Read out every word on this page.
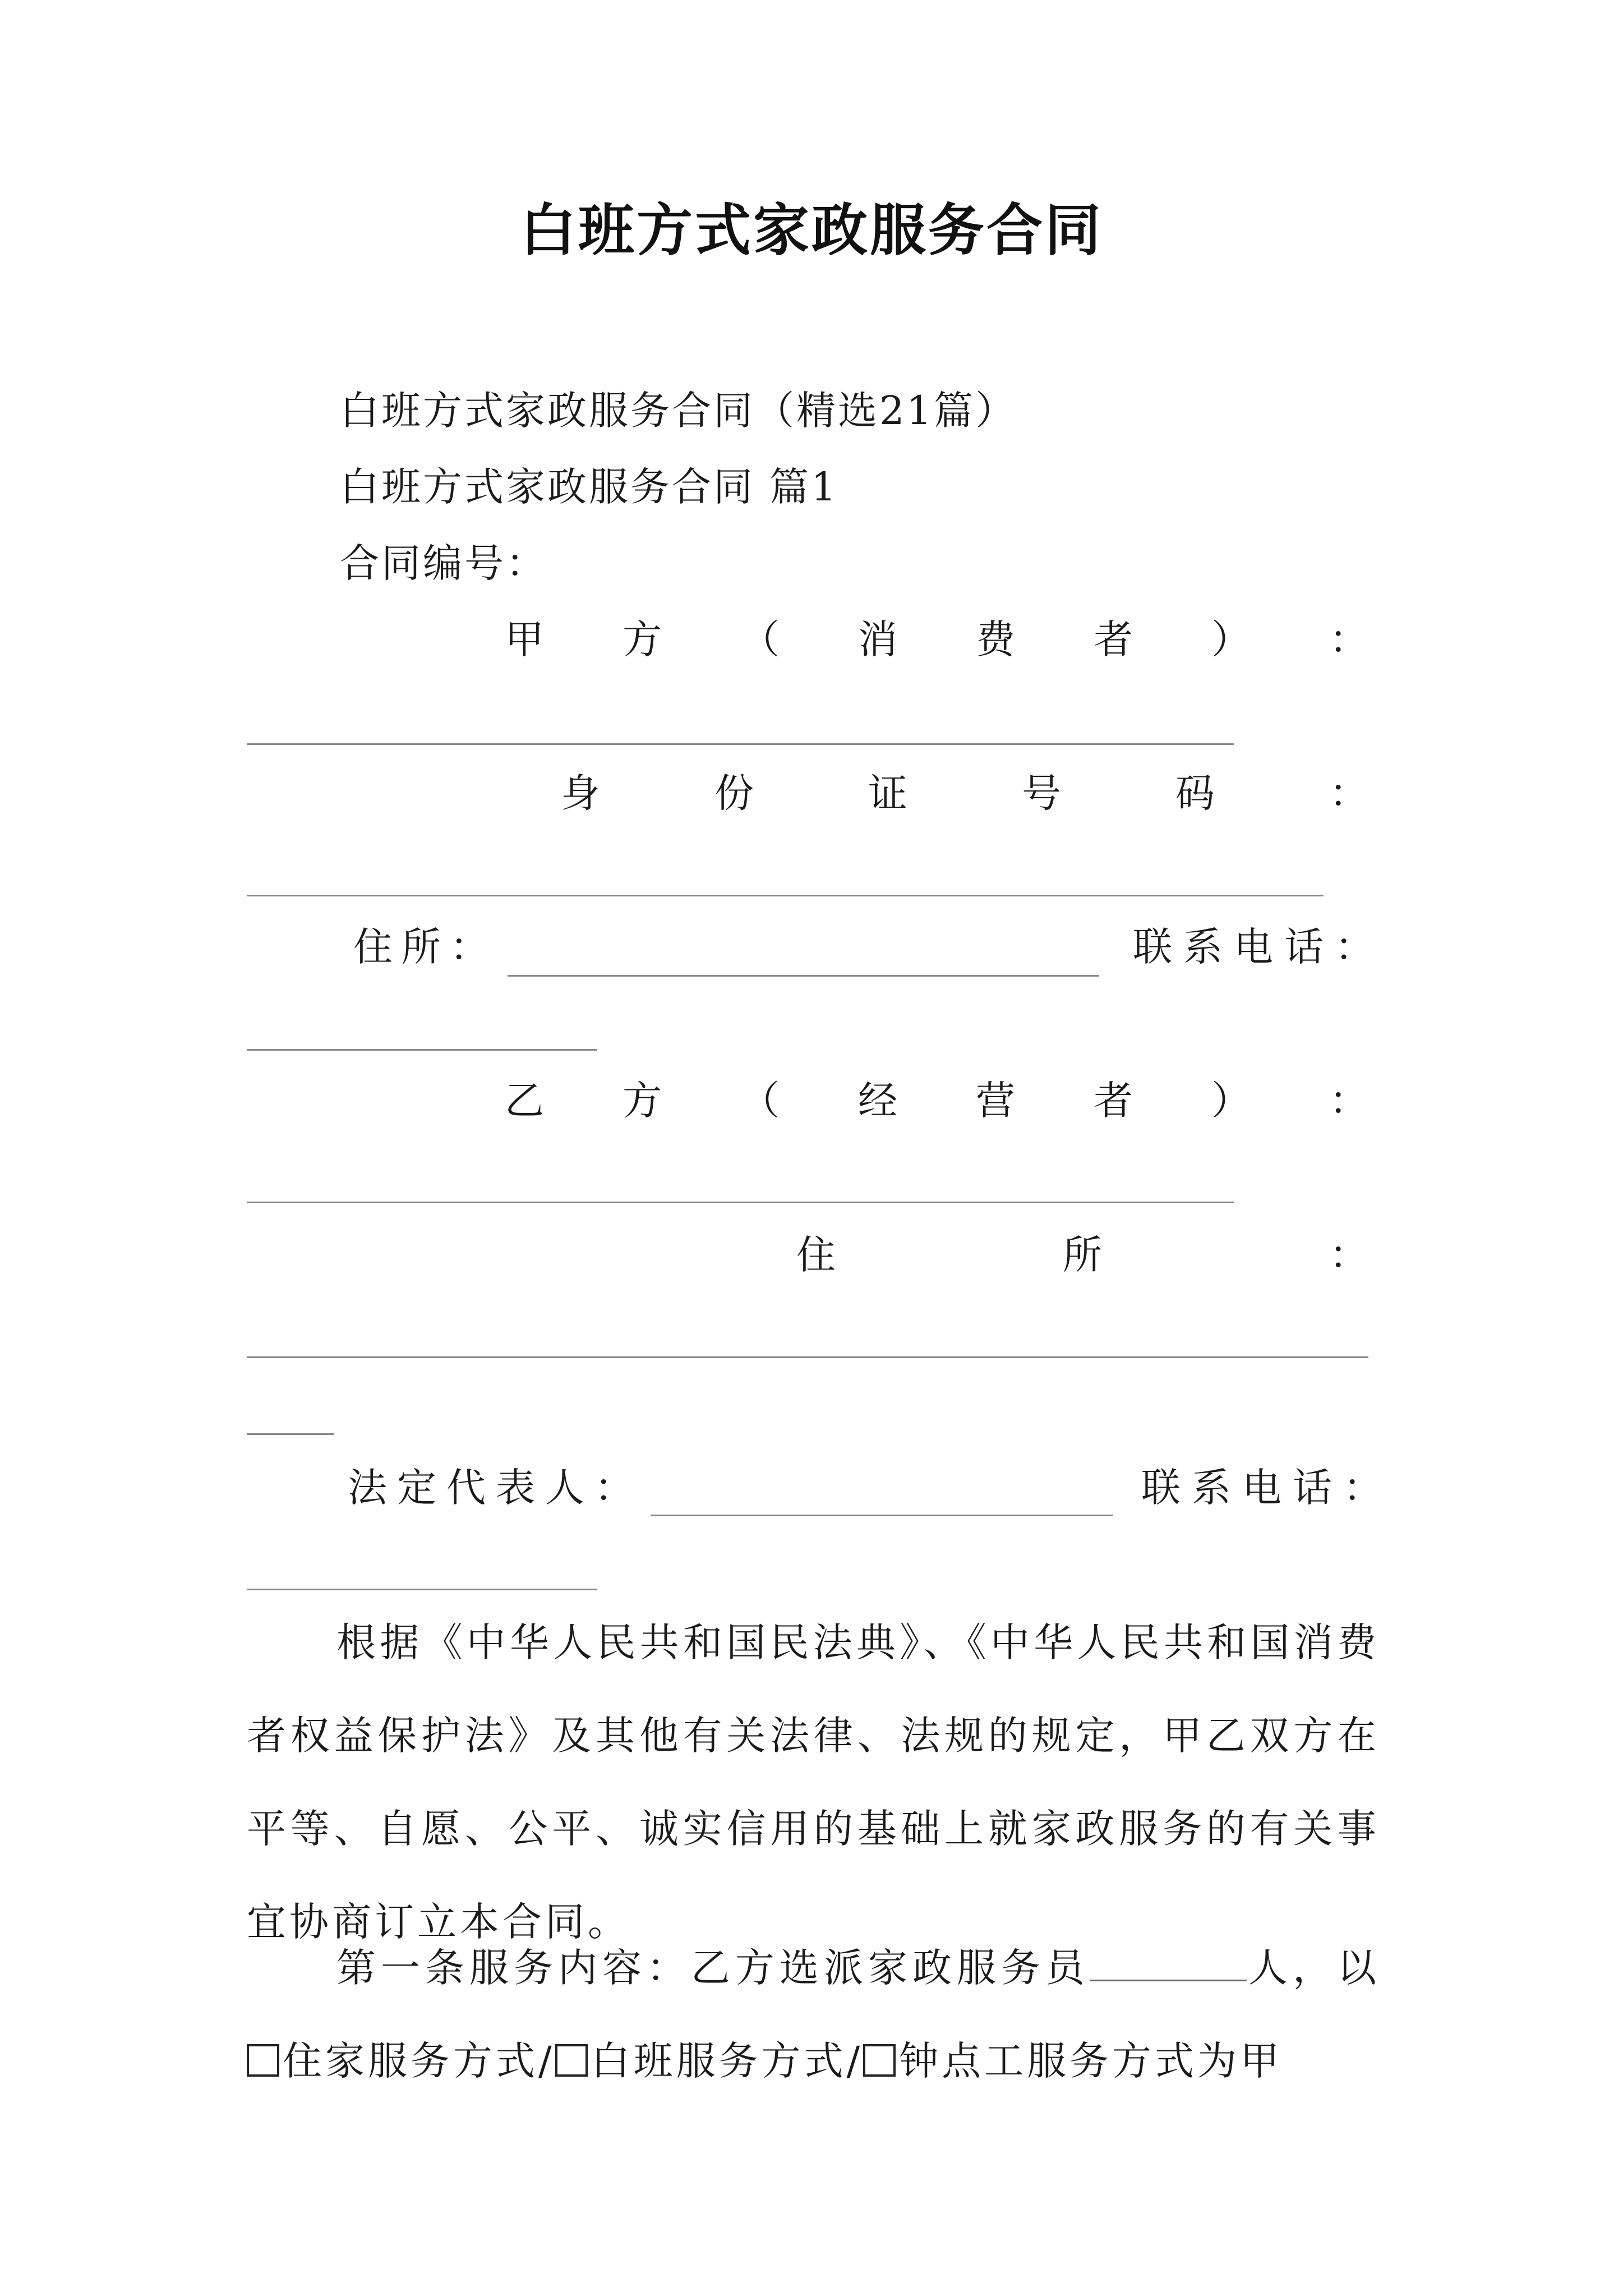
白班方式家政服务合同
白班方式家政服务合同（精选21篇）
白班方式家政服务合同 篇1
合同编号：
甲 方 （ 消 费 者 ） ：
身	份	证	号	码	：
住所：	联系电话：
乙 方 （ 经 营 者 ） ：
住	所	：
法定代表人：	联系电话：
根据《中华人民共和国民法典》、《中华人民共和国消费者权益保护法》及其他有关法律、法规的规定，甲乙双方在平等、自愿、公平、诚实信用的基础上就家政服务的有关事宜协商订立本合同。
第一条服务内容：乙方选派家政服务员	人，以住家服务方式/ 白班服务方式/ 钟点工服务方式为甲
